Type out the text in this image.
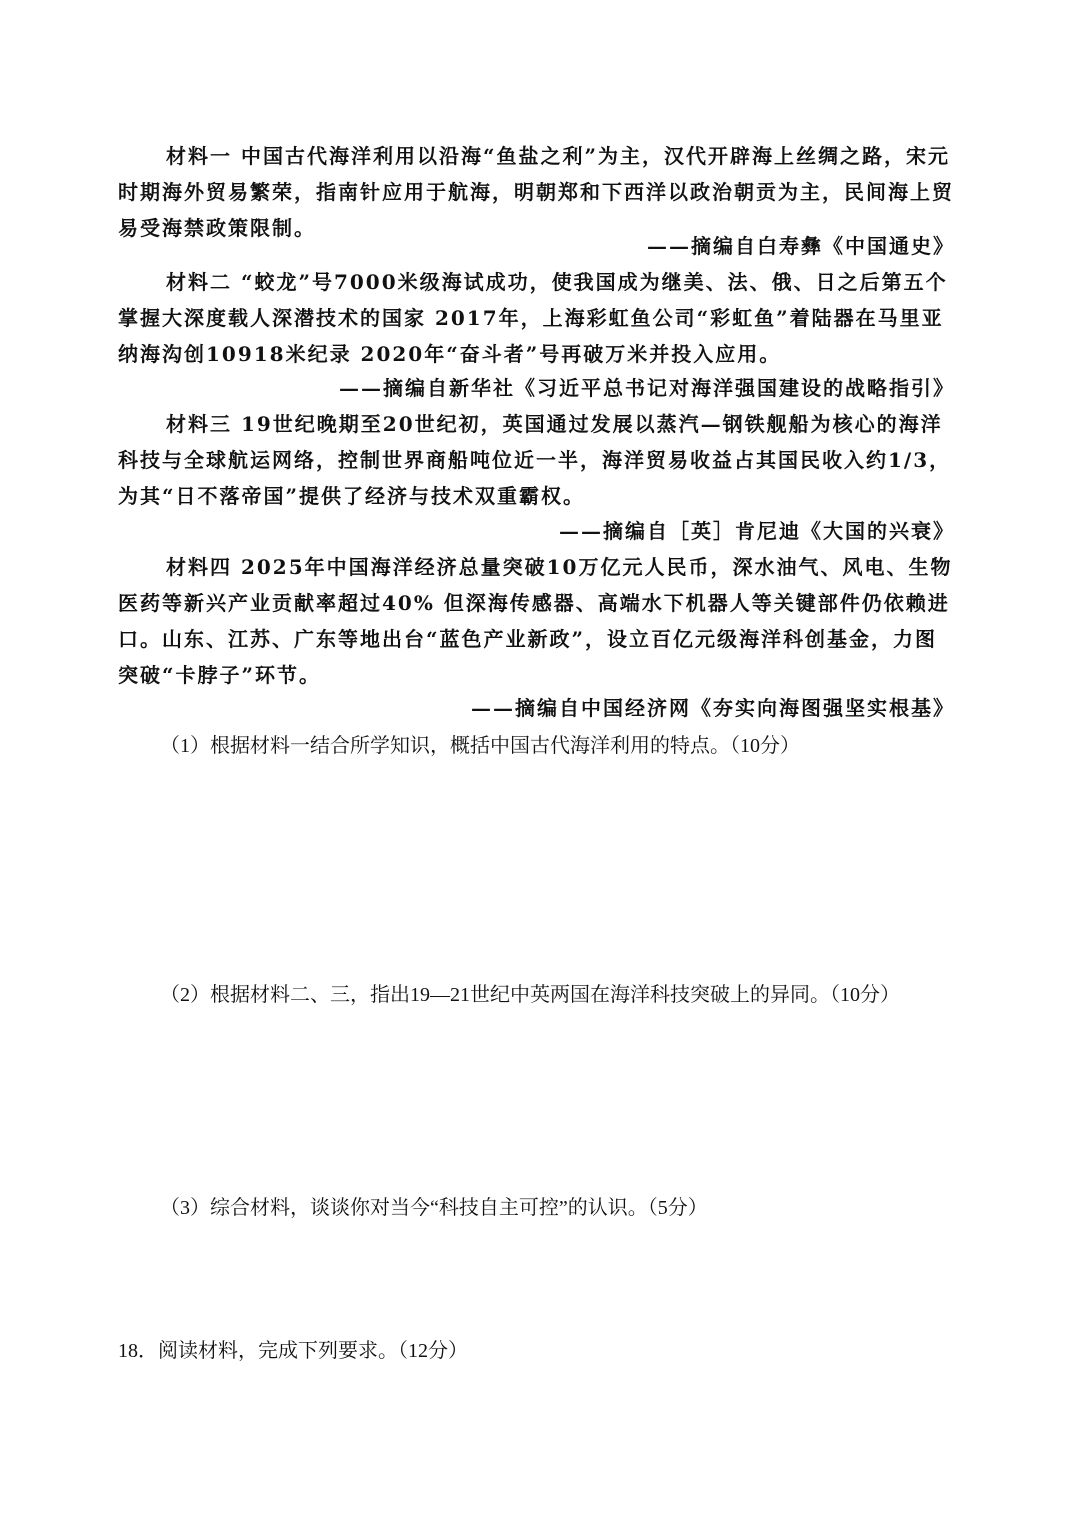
材料一 中国古代海洋利用以沿海“鱼盐之利”为主，汉代开辟海上丝绸之路，宋元时期海外贸易繁荣，指南针应用于航海，明朝郑和下西洋以政治朝贡为主，民间海上贸易受海禁政策限制。

——摘编自白寿彝《中国通史》

材料二 “蛟龙”号7000米级海试成功，使我国成为继美、法、俄、日之后第五个掌握大深度载人深潜技术的国家 2017年，上海彩虹鱼公司“彩虹鱼”着陆器在马里亚纳海沟创10918米纪录 2020年“奋斗者”号再破万米并投入应用。

——摘编自新华社《习近平总书记对海洋强国建设的战略指引》

材料三 19世纪晚期至20世纪初，英国通过发展以蒸汽—钢铁舰船为核心的海洋科技与全球航运网络，控制世界商船吨位近一半，海洋贸易收益占其国民收入约1/3，为其“日不落帝国”提供了经济与技术双重霸权。

——摘编自［英］肯尼迪《大国的兴衰》

材料四 2025年中国海洋经济总量突破10万亿元人民币，深水油气、风电、生物医药等新兴产业贡献率超过40% 但深海传感器、高端水下机器人等关键部件仍依赖进口。山东、江苏、广东等地出台“蓝色产业新政”，设立百亿元级海洋科创基金，力图突破“卡脖子”环节。

——摘编自中国经济网《夯实向海图强坚实根基》

（1）根据材料一结合所学知识，概括中国古代海洋利用的特点。（10分）

（2）根据材料二、三，指出19—21世纪中英两国在海洋科技突破上的异同。（10分）

（3）综合材料，谈谈你对当今“科技自主可控”的认识。（5分）

18．阅读材料，完成下列要求。（12分）
